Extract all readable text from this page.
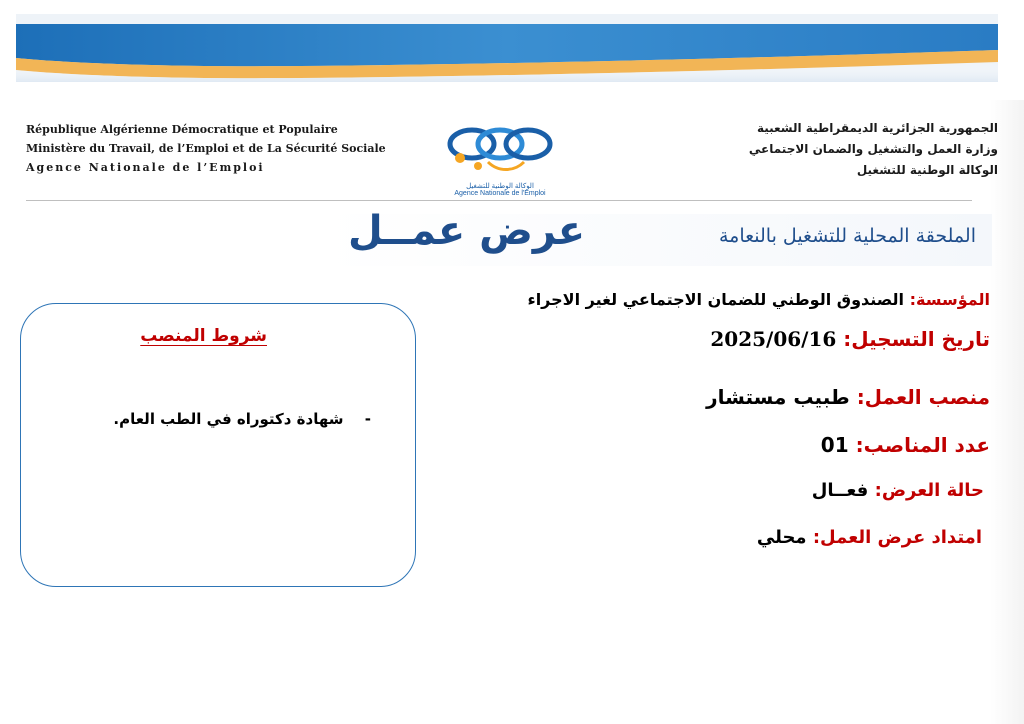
République Algérienne Démocratique et Populaire
Ministère du Travail, de l’Emploi et de La Sécurité Sociale
Agence Nationale de l’Emploi
الوكالة الوطنية للتشغيل
Agence Nationale de l'Emploi
الجمهورية الجزائرية الديمقراطية الشعبية
وزارة العمل والتشغيل والضمان الاجتماعي
الوكالة الوطنية للتشغيل
الملحقة المحلية للتشغيل بالنعامة
عرض عمــل
المؤسسة: الصندوق الوطني للضمان الاجتماعي لغير الاجراء
تاريخ التسجيل: 2025/06/16
منصب العمل: طبيب مستشار
عدد المناصب: 01
حالة العرض: فعــال
امتداد عرض العمل: محلي
شروط المنصب
- شهادة دكتوراه في الطب العام.
